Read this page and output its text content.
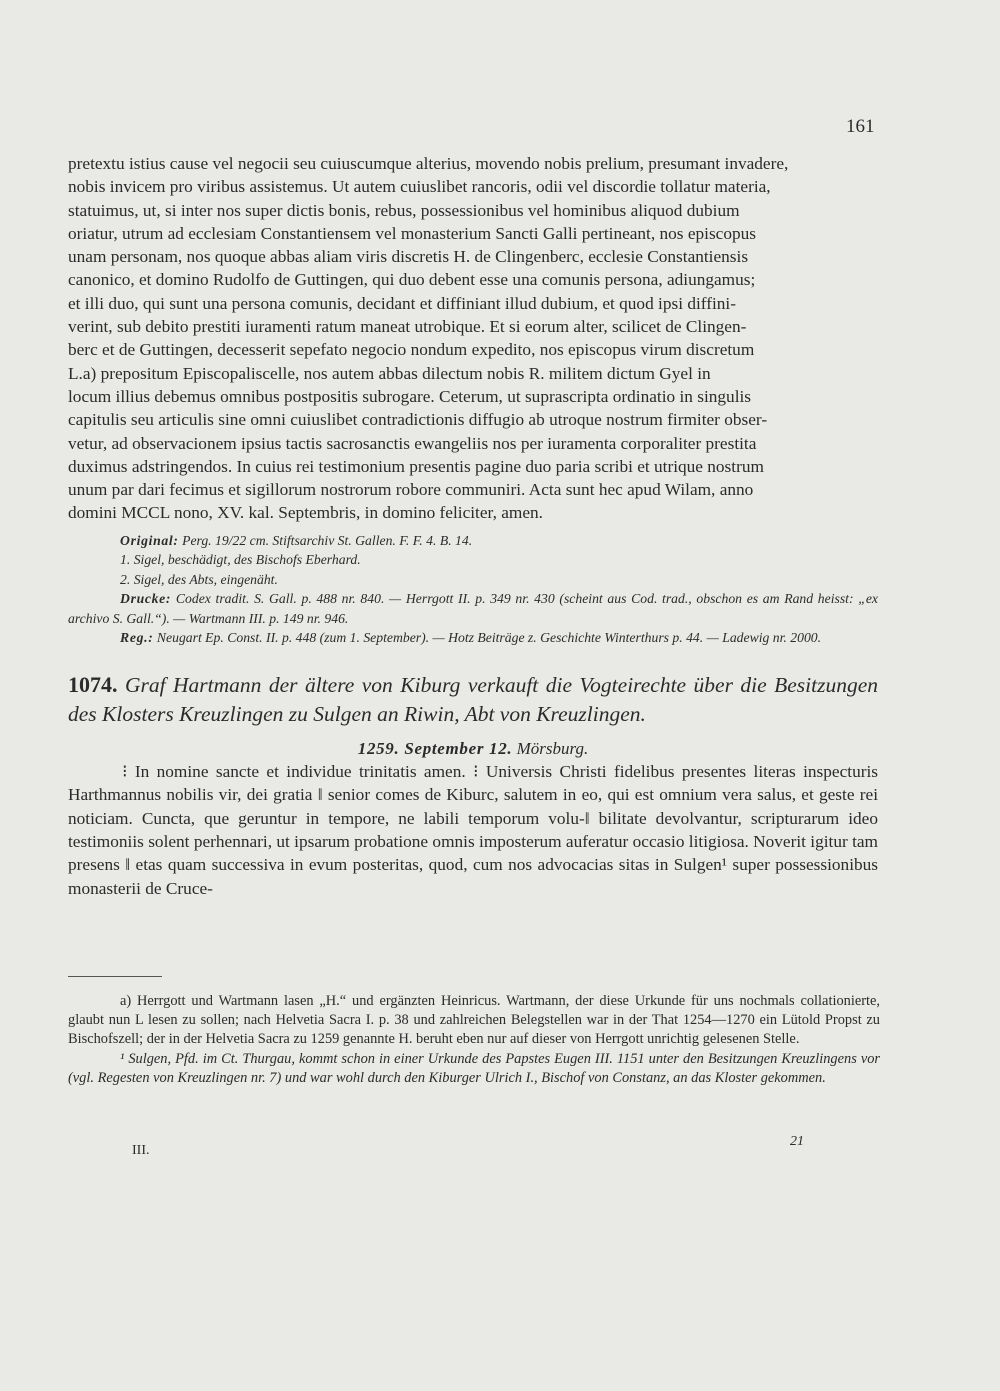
161

pretextu istius cause vel negocii seu cuiuscumque alterius, movendo nobis prelium, presumant invadere,

nobis invicem pro viribus assistemus. Ut autem cuiuslibet rancoris, odii vel discordie tollatur materia,

statuimus, ut, si inter nos super dictis bonis, rebus, possessionibus vel hominibus aliquod dubium

oriatur, utrum ad ecclesiam Constantiensem vel monasterium Sancti Galli pertineant, nos episcopus

unam personam, nos quoque abbas aliam viris discretis H. de Clingenberc, ecclesie Constantiensis

canonico, et domino Rudolfo de Guttingen, qui duo debent esse una comunis persona, adiungamus;

et illi duo, qui sunt una persona comunis, decidant et diffiniant illud dubium, et quod ipsi diffini-

verint, sub debito prestiti iuramenti ratum maneat utrobique. Et si eorum alter, scilicet de Clingen-

berc et de Guttingen, decesserit sepefato negocio nondum expedito, nos episcopus virum discretum

L.a) prepositum Episcopaliscelle, nos autem abbas dilectum nobis R. militem dictum Gyel in

locum illius debemus omnibus postpositis subrogare. Ceterum, ut suprascripta ordinatio in singulis

capitulis seu articulis sine omni cuiuslibet contradictionis diffugio ab utroque nostrum firmiter obser-

vetur, ad observacionem ipsius tactis sacrosanctis ewangeliis nos per iuramenta corporaliter prestita

duximus adstringendos. In cuius rei testimonium presentis pagine duo paria scribi et utrique nostrum

unum par dari fecimus et sigillorum nostrorum robore communiri. Acta sunt hec apud Wilam, anno

domini MCCL nono, XV. kal. Septembris, in domino feliciter, amen.

Original: Perg. 19/22 cm. Stiftsarchiv St. Gallen. F. F. 4. B. 14.
1. Sigel, beschädigt, des Bischofs Eberhard.
2. Sigel, des Abts, eingenäht.
Drucke: Codex tradit. S. Gall. p. 488 nr. 840. — Herrgott II. p. 349 nr. 430 (scheint aus Cod. trad., obschon es am Rand heisst: „ex archivo S. Gall.“). — Wartmann III. p. 149 nr. 946.
Reg.: Neugart Ep. Const. II. p. 448 (zum 1. September). — Hotz Beiträge z. Geschichte Winterthurs p. 44. — Ladewig nr. 2000.
1074. Graf Hartmann der ältere von Kiburg verkauft die Vogteirechte über die Besitzungen des Klosters Kreuzlingen zu Sulgen an Riwin, Abt von Kreuzlingen.
1259. September 12. Mörsburg.

⁝ In nomine sancte et individue trinitatis amen. ⁝ Universis Christi fidelibus presentes literas inspecturis Harthmannus nobilis vir, dei gratia ‖ senior comes de Kiburc, salutem in eo, qui est omnium vera salus, et geste rei noticiam. Cuncta, que geruntur in tempore, ne labili temporum volu-‖ bilitate devolvantur, scripturarum ideo testimoniis solent perhennari, ut ipsarum probatione omnis imposterum auferatur occasio litigiosa. Noverit igitur tam presens ‖ etas quam successiva in evum posteritas, quod, cum nos advocacias sitas in Sulgen¹ super possessionibus monasterii de Cruce-

a) Herrgott und Wartmann lasen „H.“ und ergänzten Heinricus. Wartmann, der diese Urkunde für uns nochmals collationierte, glaubt nun L lesen zu sollen; nach Helvetia Sacra I. p. 38 und zahlreichen Belegstellen war in der That 1254—1270 ein Lütold Propst zu Bischofszell; der in der Helvetia Sacra zu 1259 genannte H. beruht eben nur auf dieser von Herrgott unrichtig gelesenen Stelle.

¹ Sulgen, Pfd. im Ct. Thurgau, kommt schon in einer Urkunde des Papstes Eugen III. 1151 unter den Besitzungen Kreuzlingens vor (vgl. Regesten von Kreuzlingen nr. 7) und war wohl durch den Kiburger Ulrich I., Bischof von Constanz, an das Kloster gekommen.

III.
21
